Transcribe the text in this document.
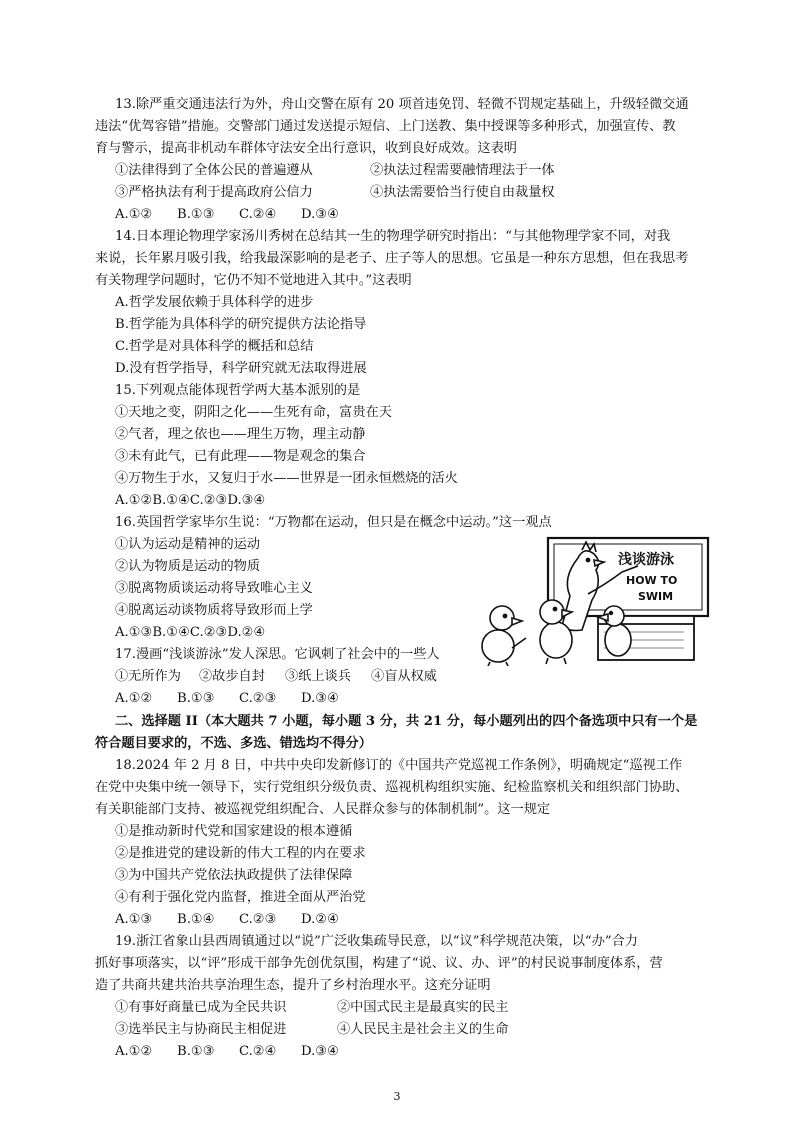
13.除严重交通违法行为外，舟山交警在原有 20 项首违免罚、轻微不罚规定基础上，升级轻微交通
违法“优驾容错”措施。交警部门通过发送提示短信、上门送教、集中授课等多种形式，加强宣传、教
育与警示，提高非机动车群体守法安全出行意识，收到良好成效。这表明
①法律得到了全体公民的普遍遵从	②执法过程需要融情理法于一体
③严格执法有利于提高政府公信力	④执法需要恰当行使自由裁量权
A.①② B.①③ C.②④ D.③④
14.日本理论物理学家汤川秀树在总结其一生的物理学研究时指出：“与其他物理学家不同，对我
来说，长年累月吸引我，给我最深影响的是老子、庄子等人的思想。它虽是一种东方思想，但在我思考
有关物理学问题时，它仍不知不觉地进入其中。”这表明
A.哲学发展依赖于具体科学的进步
B.哲学能为具体科学的研究提供方法论指导
C.哲学是对具体科学的概括和总结
D.没有哲学指导，科学研究就无法取得进展
15.下列观点能体现哲学两大基本派别的是
①天地之变，阴阳之化——生死有命，富贵在天
②气者，理之依也——理生万物，理主动静
③未有此气，已有此理——物是观念的集合
④万物生于水，又复归于水——世界是一团永恒燃烧的活火
A.①②B.①④C.②③D.③④
16.英国哲学家毕尔生说：“万物都在运动，但只是在概念中运动。”这一观点
①认为运动是精神的运动
②认为物质是运动的物质
③脱离物质谈运动将导致唯心主义
④脱离运动谈物质将导致形而上学
A.①③B.①④C.②③D.②④
17.漫画“浅谈游泳”发人深思。它讽刺了社会中的一些人
①无所作为 ②故步自封 ③纸上谈兵 ④盲从权威
A.①② B.①③ C.②③ D.③④
浅谈游泳
HOW TO
SWIM
二、选择题 II（本大题共 7 小题，每小题 3 分，共 21 分，每小题列出的四个备选项中只有一个是
符合题目要求的，不选、多选、错选均不得分）
18.2024 年 2 月 8 日，中共中央印发新修订的《中国共产党巡视工作条例》，明确规定“巡视工作
在党中央集中统一领导下，实行党组织分级负责、巡视机构组织实施、纪检监察机关和组织部门协助、
有关职能部门支持、被巡视党组织配合、人民群众参与的体制机制”。这一规定
①是推动新时代党和国家建设的根本遵循
②是推进党的建设新的伟大工程的内在要求
③为中国共产党依法执政提供了法律保障
④有利于强化党内监督，推进全面从严治党
A.①③ B.①④ C.②③ D.②④
19.浙江省象山县西周镇通过以“说”广泛收集疏导民意，以“议”科学规范决策，以“办”合力
抓好事项落实，以“评”形成干部争先创优氛围，构建了“说、议、办、评”的村民说事制度体系，营
造了共商共建共治共享治理生态，提升了乡村治理水平。这充分证明
①有事好商量已成为全民共识	②中国式民主是最真实的民主
③选举民主与协商民主相促进	④人民民主是社会主义的生命
A.①② B.①③ C.②④ D.③④
3
